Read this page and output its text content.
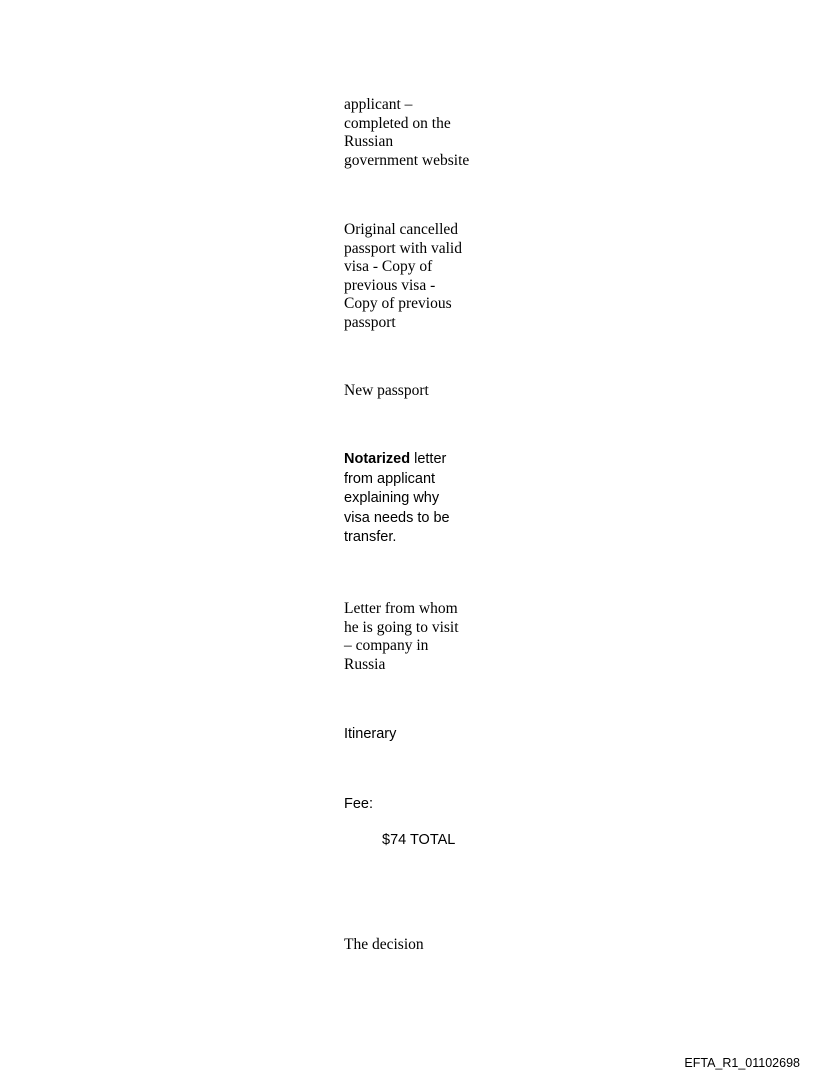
applicant –
completed on the
Russian
government website
Original cancelled
passport with valid
visa - Copy of
previous visa -
Copy of previous
passport
New passport
Notarized letter
from applicant
explaining why
visa needs to be
transfer.
Letter from whom
he is going to visit
– company in
Russia
Itinerary
Fee:
$74 TOTAL
The decision
EFTA_R1_01102698
